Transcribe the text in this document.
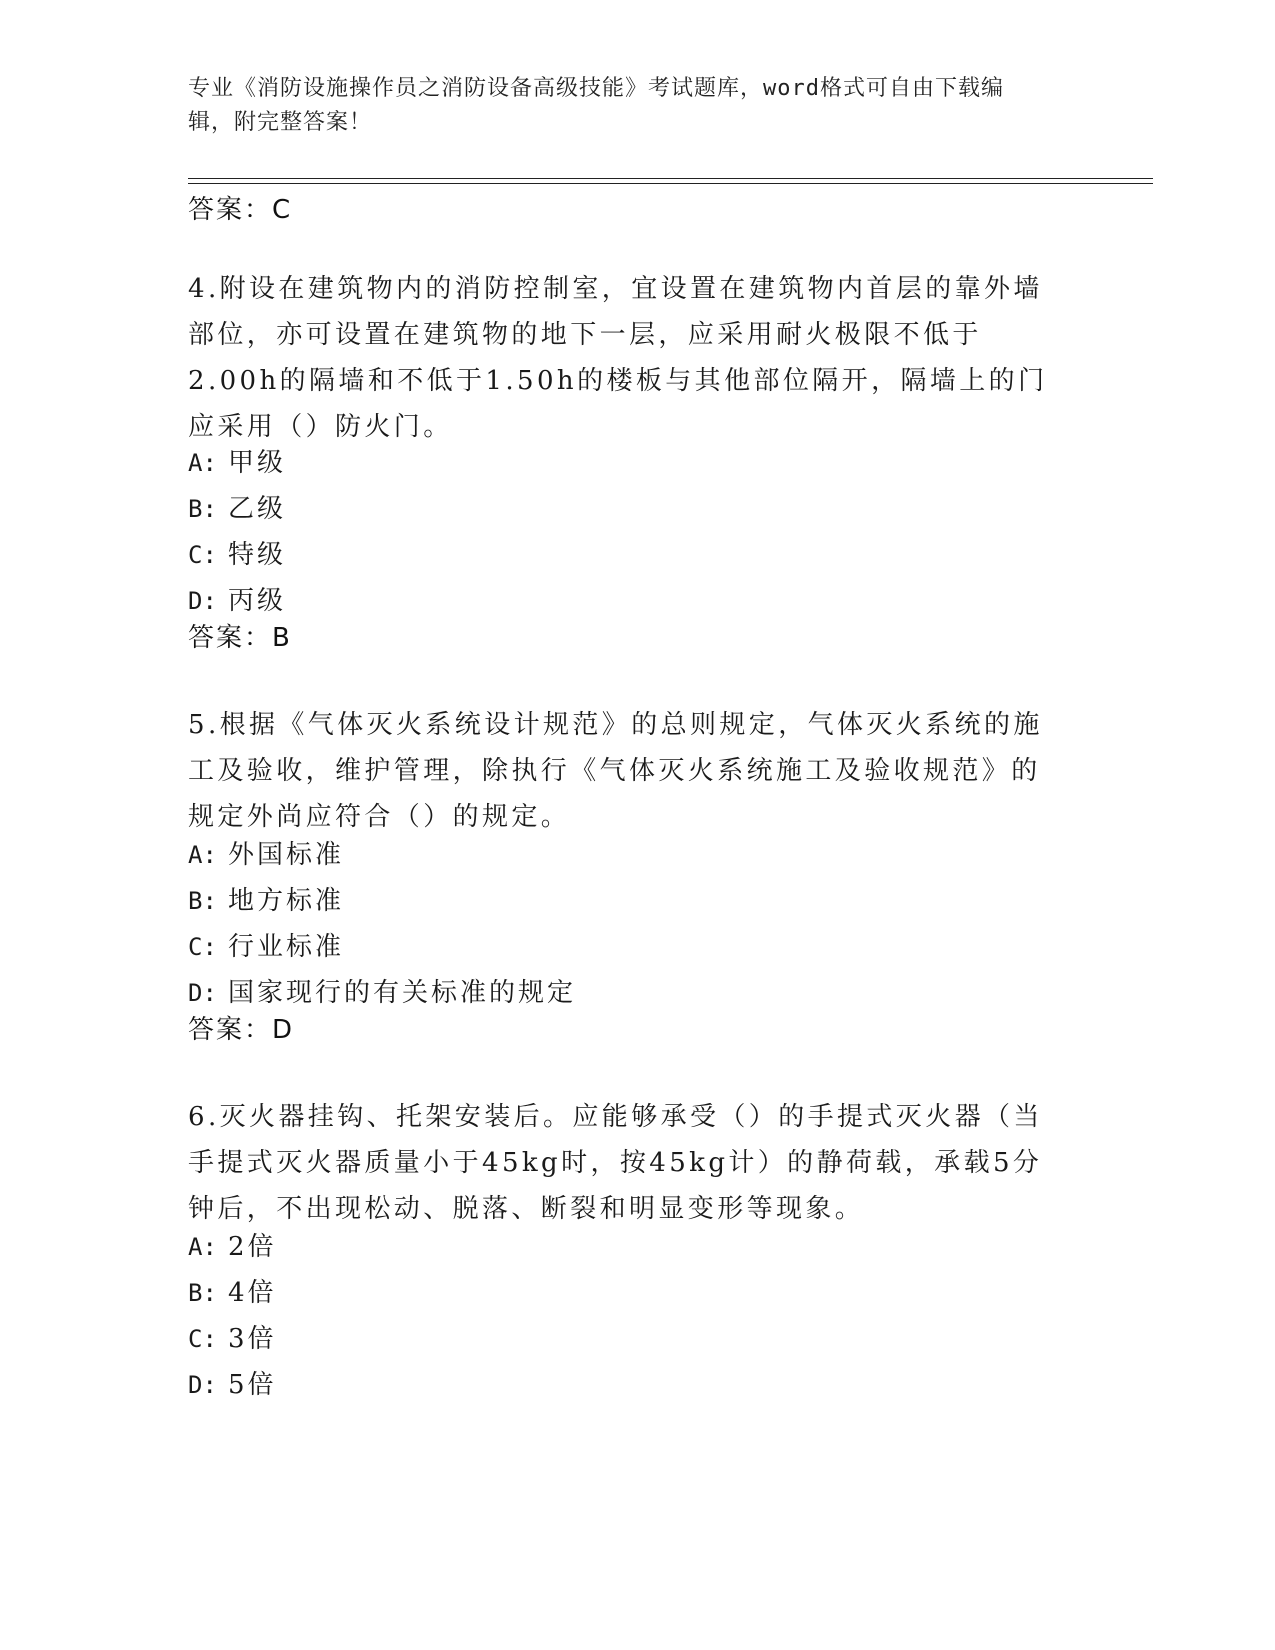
专业《消防设施操作员之消防设备高级技能》考试题库，word格式可自由下载编
辑，附完整答案！
答案：C
4.附设在建筑物内的消防控制室，宜设置在建筑物内首层的靠外墙部位，亦可设置在建筑物的地下一层，应采用耐火极限不低于2.00h的隔墙和不低于1.50h的楼板与其他部位隔开，隔墙上的门应采用（）防火门。
A: 甲级
B: 乙级
C: 特级
D: 丙级
答案：B
5.根据《气体灭火系统设计规范》的总则规定，气体灭火系统的施工及验收，维护管理，除执行《气体灭火系统施工及验收规范》的规定外尚应符合（）的规定。
A: 外国标准
B: 地方标准
C: 行业标准
D: 国家现行的有关标准的规定
答案：D
6.灭火器挂钩、托架安装后。应能够承受（）的手提式灭火器（当手提式灭火器质量小于45kg时，按45kg计）的静荷载，承载5分钟后，不出现松动、脱落、断裂和明显变形等现象。
A: 2倍
B: 4倍
C: 3倍
D: 5倍
